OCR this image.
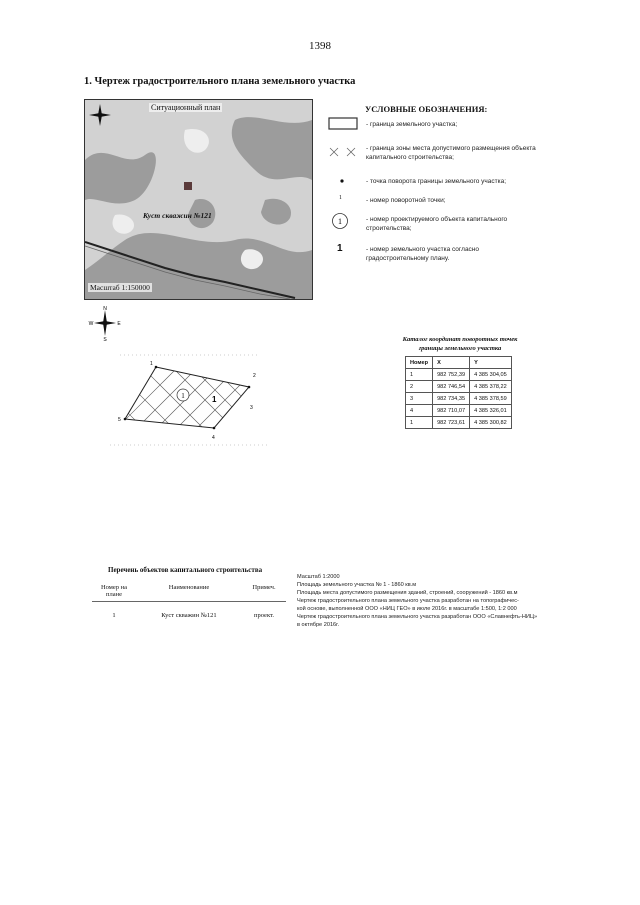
1398
1. Чертеж градостроительного плана земельного участка
Ситуационный план
Куст скважин №121
Масштаб 1:150000
УСЛОВНЫЕ ОБОЗНАЧЕНИЯ:
- граница земельного участка;
- граница зоны места допустимого размещения объекта капитального строительства;
- точка поворота границы земельного участка;
1	- номер поворотной точки;
1	- номер проектируемого объекта капитального строительства;
1	- номер земельного участка согласно градостроительному плану.
N
S
W	E
1
2
3
4
5
1	1
Каталог координат поворотных точек границы земельного участка
Номер	X	Y
1	982 752,39	4 385 304,05
2	982 746,54	4 385 378,22
3	982 734,35	4 385 378,59
4	982 710,07	4 385 326,01
1	982 723,61	4 385 300,82
Перечень объектов капитального строительства
Номер на плане	Наименование	Примеч.
1	Куст скважин №121	проект.
Масштаб 1:2000
Площадь земельного участка № 1 - 1860 кв.м
Площадь места допустимого размещения зданий, строений, сооружений - 1860 кв.м
Чертеж градостроительного плана земельного участка разработан на топографичес-
кой основе, выполненной ООО «НИЦ ГЕО» в июле 2016г. в масштабе 1:500, 1:2 000
Чертеж градостроительного плана земельного участка разработан ООО «Славнефть-НИЦ»
в октябре 2016г.
